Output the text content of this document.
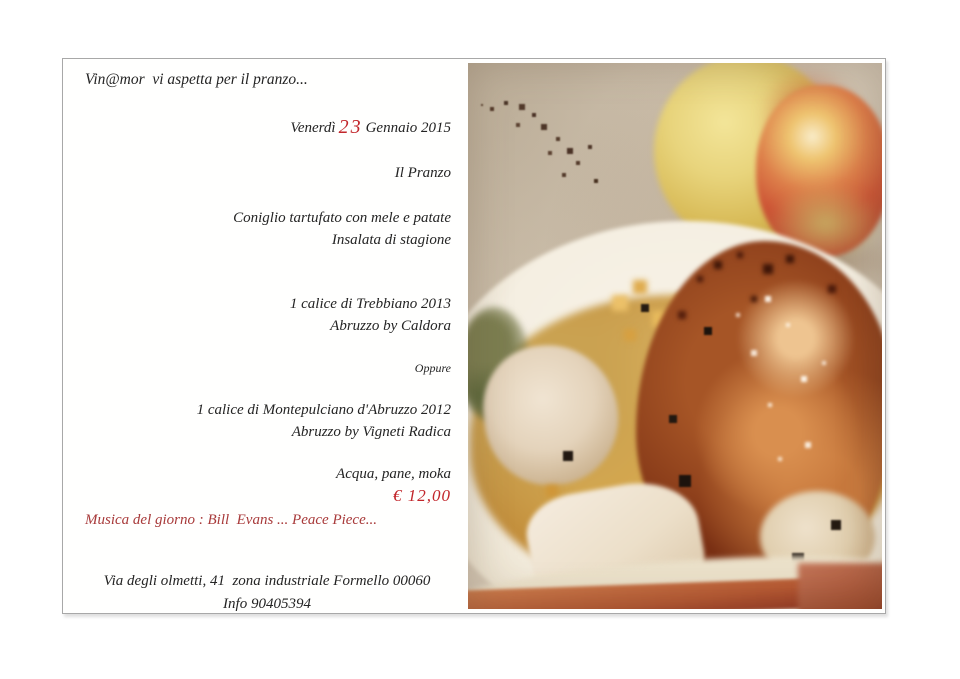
Vin@mor  vi aspetta per il pranzo...
Venerdì 23 Gennaio 2015
Il Pranzo
Coniglio tartufato con mele e patate
Insalata di stagione
1 calice di Trebbiano 2013
Abruzzo by Caldora
Oppure
1 calice di Montepulciano d'Abruzzo 2012
Abruzzo by Vigneti Radica
Acqua, pane, moka
€ 12,00
Musica del giorno : Bill  Evans ... Peace Piece...
Via degli olmetti, 41  zona industriale Formello 00060
Info 90405394
